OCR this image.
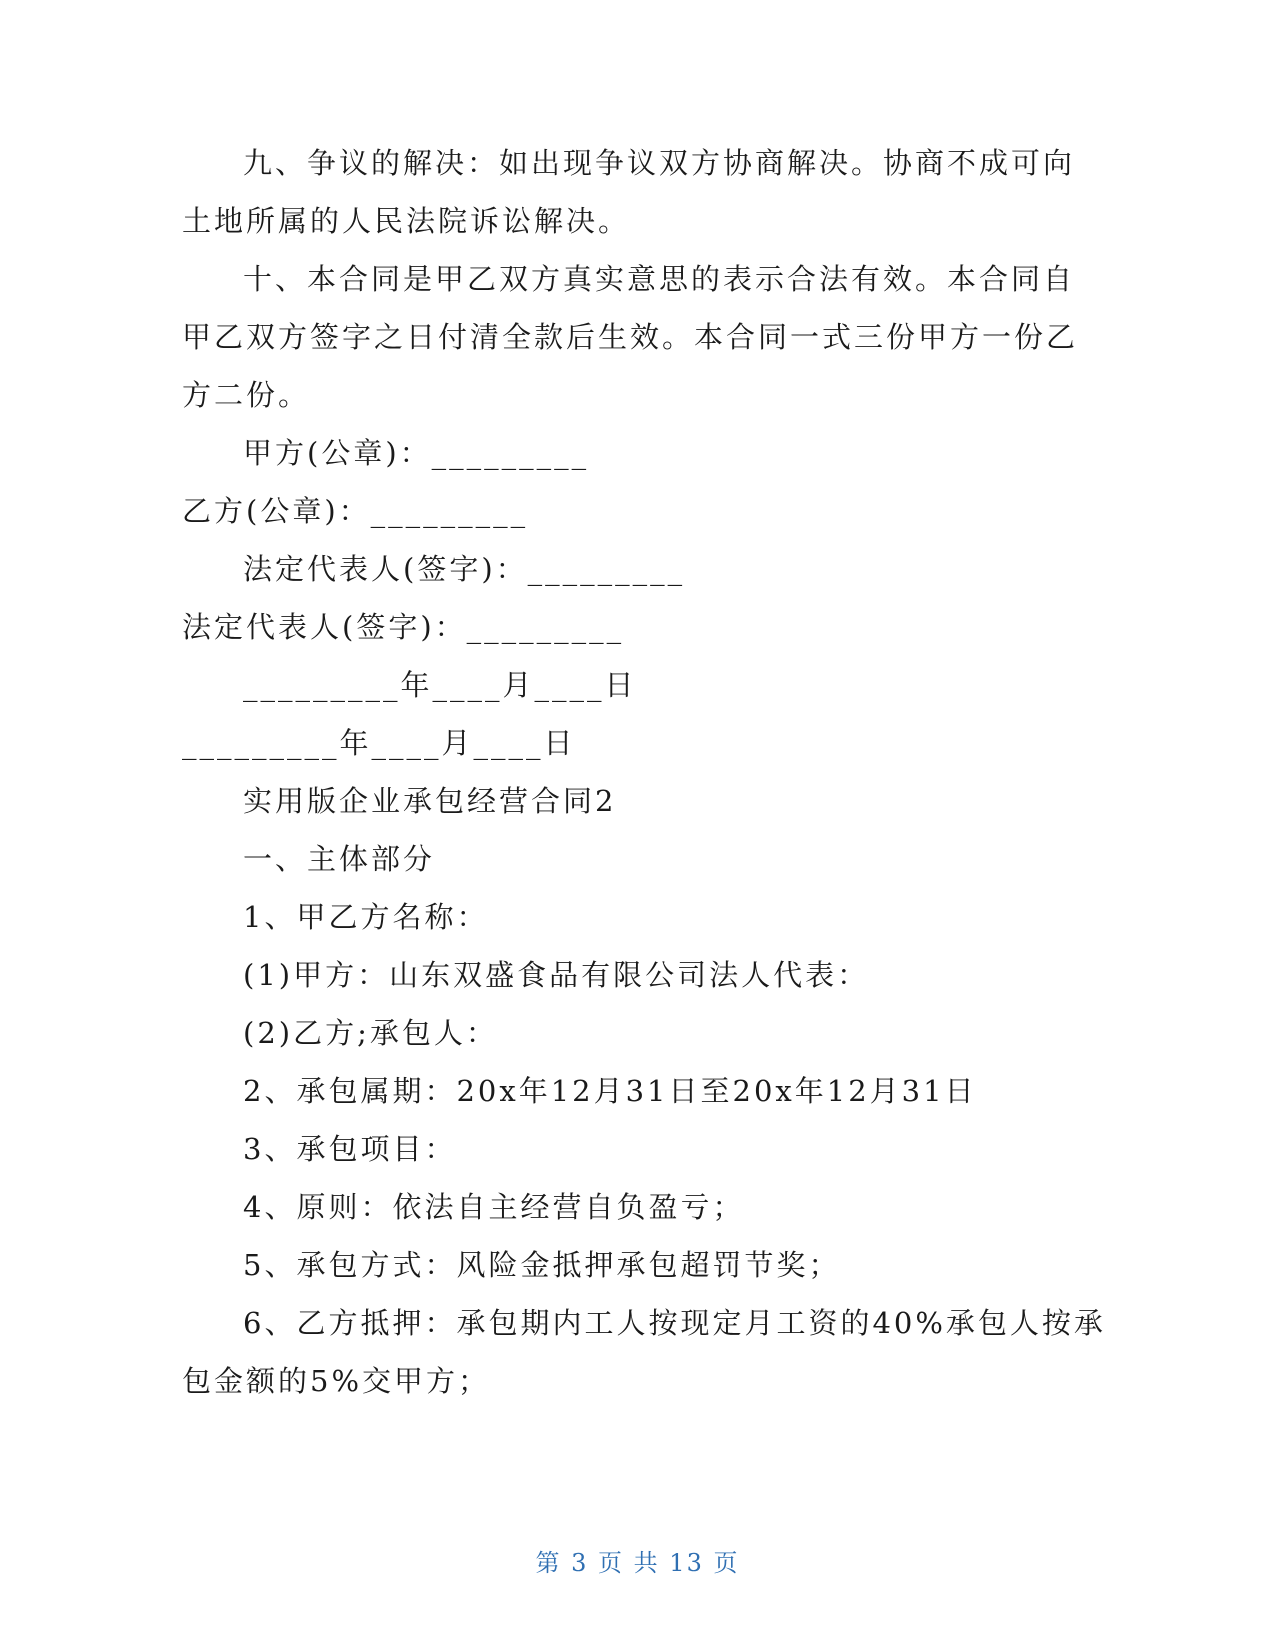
九、争议的解决：如出现争议双方协商解决。协商不成可向
土地所属的人民法院诉讼解决。
十、本合同是甲乙双方真实意思的表示合法有效。本合同自
甲乙双方签字之日付清全款后生效。本合同一式三份甲方一份乙
方二份。
甲方(公章)：_________
乙方(公章)：_________
法定代表人(签字)：_________
法定代表人(签字)：_________
_________年____月____日
_________年____月____日
实用版企业承包经营合同2
一、主体部分
1、甲乙方名称：
(1)甲方：山东双盛食品有限公司法人代表：
(2)乙方;承包人：
2、承包属期：20x年12月31日至20x年12月31日
3、承包项目：
4、原则：依法自主经营自负盈亏；
5、承包方式：风险金抵押承包超罚节奖；
6、乙方抵押：承包期内工人按现定月工资的40%承包人按承
包金额的5%交甲方；
第 3 页 共 13 页
